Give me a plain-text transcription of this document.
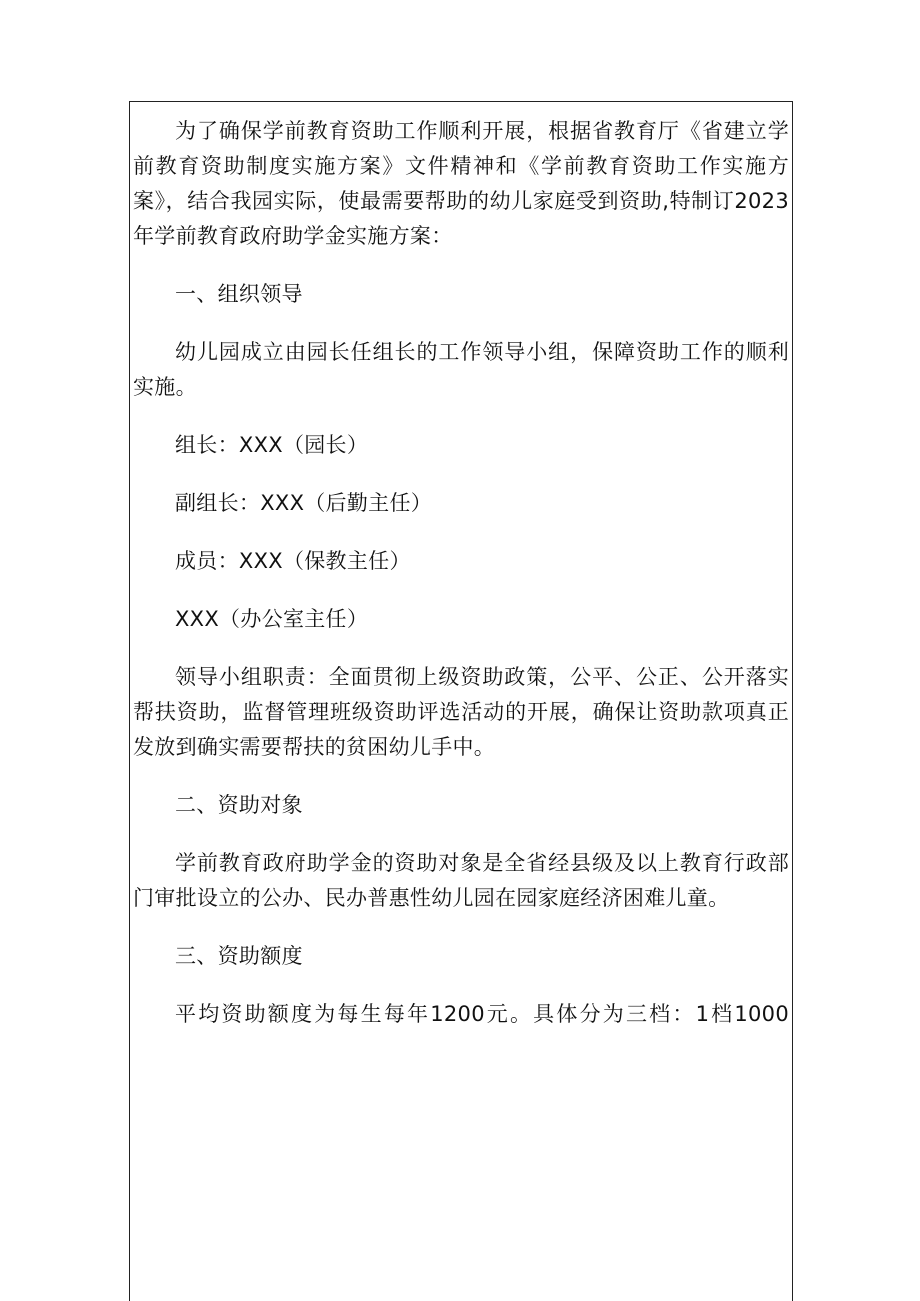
为了确保学前教育资助工作顺利开展，根据省教育厅《省建立学前教育资助制度实施方案》文件精神和《学前教育资助工作实施方案》，结合我园实际，使最需要帮助的幼儿家庭受到资助,特制订2023年学前教育政府助学金实施方案：

一、组织领导

幼儿园成立由园长任组长的工作领导小组，保障资助工作的顺利实施。

组长：XXX（园长）

副组长：XXX（后勤主任）

成员：XXX（保教主任）

XXX（办公室主任）

领导小组职责：全面贯彻上级资助政策，公平、公正、公开落实帮扶资助，监督管理班级资助评选活动的开展，确保让资助款项真正发放到确实需要帮扶的贫困幼儿手中。

二、资助对象

学前教育政府助学金的资助对象是全省经县级及以上教育行政部门审批设立的公办、民办普惠性幼儿园在园家庭经济困难儿童。

三、资助额度

平均资助额度为每生每年1200元。具体分为三档：1档1000
